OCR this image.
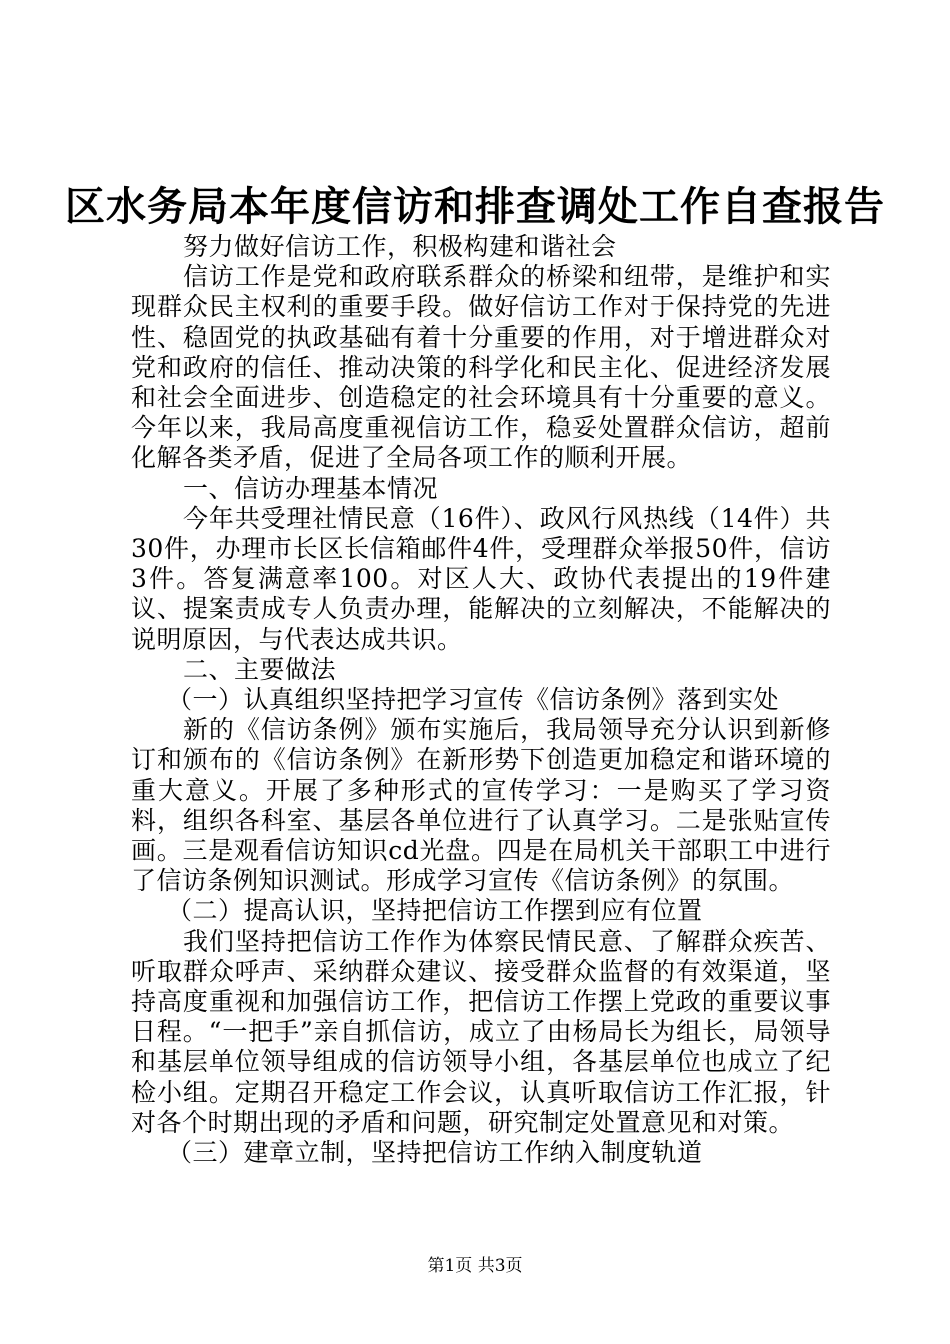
区水务局本年度信访和排查调处工作自查报告

努力做好信访工作，积极构建和谐社会

信访工作是党和政府联系群众的桥梁和纽带，是维护和实现群众民主权利的重要手段。做好信访工作对于保持党的先进性、稳固党的执政基础有着十分重要的作用，对于增进群众对党和政府的信任、推动决策的科学化和民主化、促进经济发展和社会全面进步、创造稳定的社会环境具有十分重要的意义。今年以来，我局高度重视信访工作，稳妥处置群众信访，超前化解各类矛盾，促进了全局各项工作的顺利开展。

一、信访办理基本情况

今年共受理社情民意（16件）、政风行风热线（14件）共30件，办理市长区长信箱邮件4件，受理群众举报50件，信访3件。答复满意率100。对区人大、政协代表提出的19件建议、提案责成专人负责办理，能解决的立刻解决，不能解决的说明原因，与代表达成共识。

二、主要做法

（一）认真组织坚持把学习宣传《信访条例》落到实处

新的《信访条例》颁布实施后，我局领导充分认识到新修订和颁布的《信访条例》在新形势下创造更加稳定和谐环境的重大意义。开展了多种形式的宣传学习：一是购买了学习资料，组织各科室、基层各单位进行了认真学习。二是张贴宣传画。三是观看信访知识cd光盘。四是在局机关干部职工中进行了信访条例知识测试。形成学习宣传《信访条例》的氛围。

（二）提高认识，坚持把信访工作摆到应有位置

我们坚持把信访工作作为体察民情民意、了解群众疾苦、听取群众呼声、采纳群众建议、接受群众监督的有效渠道，坚持高度重视和加强信访工作，把信访工作摆上党政的重要议事日程。“一把手”亲自抓信访，成立了由杨局长为组长，局领导和基层单位领导组成的信访领导小组，各基层单位也成立了纪检小组。定期召开稳定工作会议，认真听取信访工作汇报，针对各个时期出现的矛盾和问题，研究制定处置意见和对策。

（三）建章立制，坚持把信访工作纳入制度轨道

第1页 共3页
